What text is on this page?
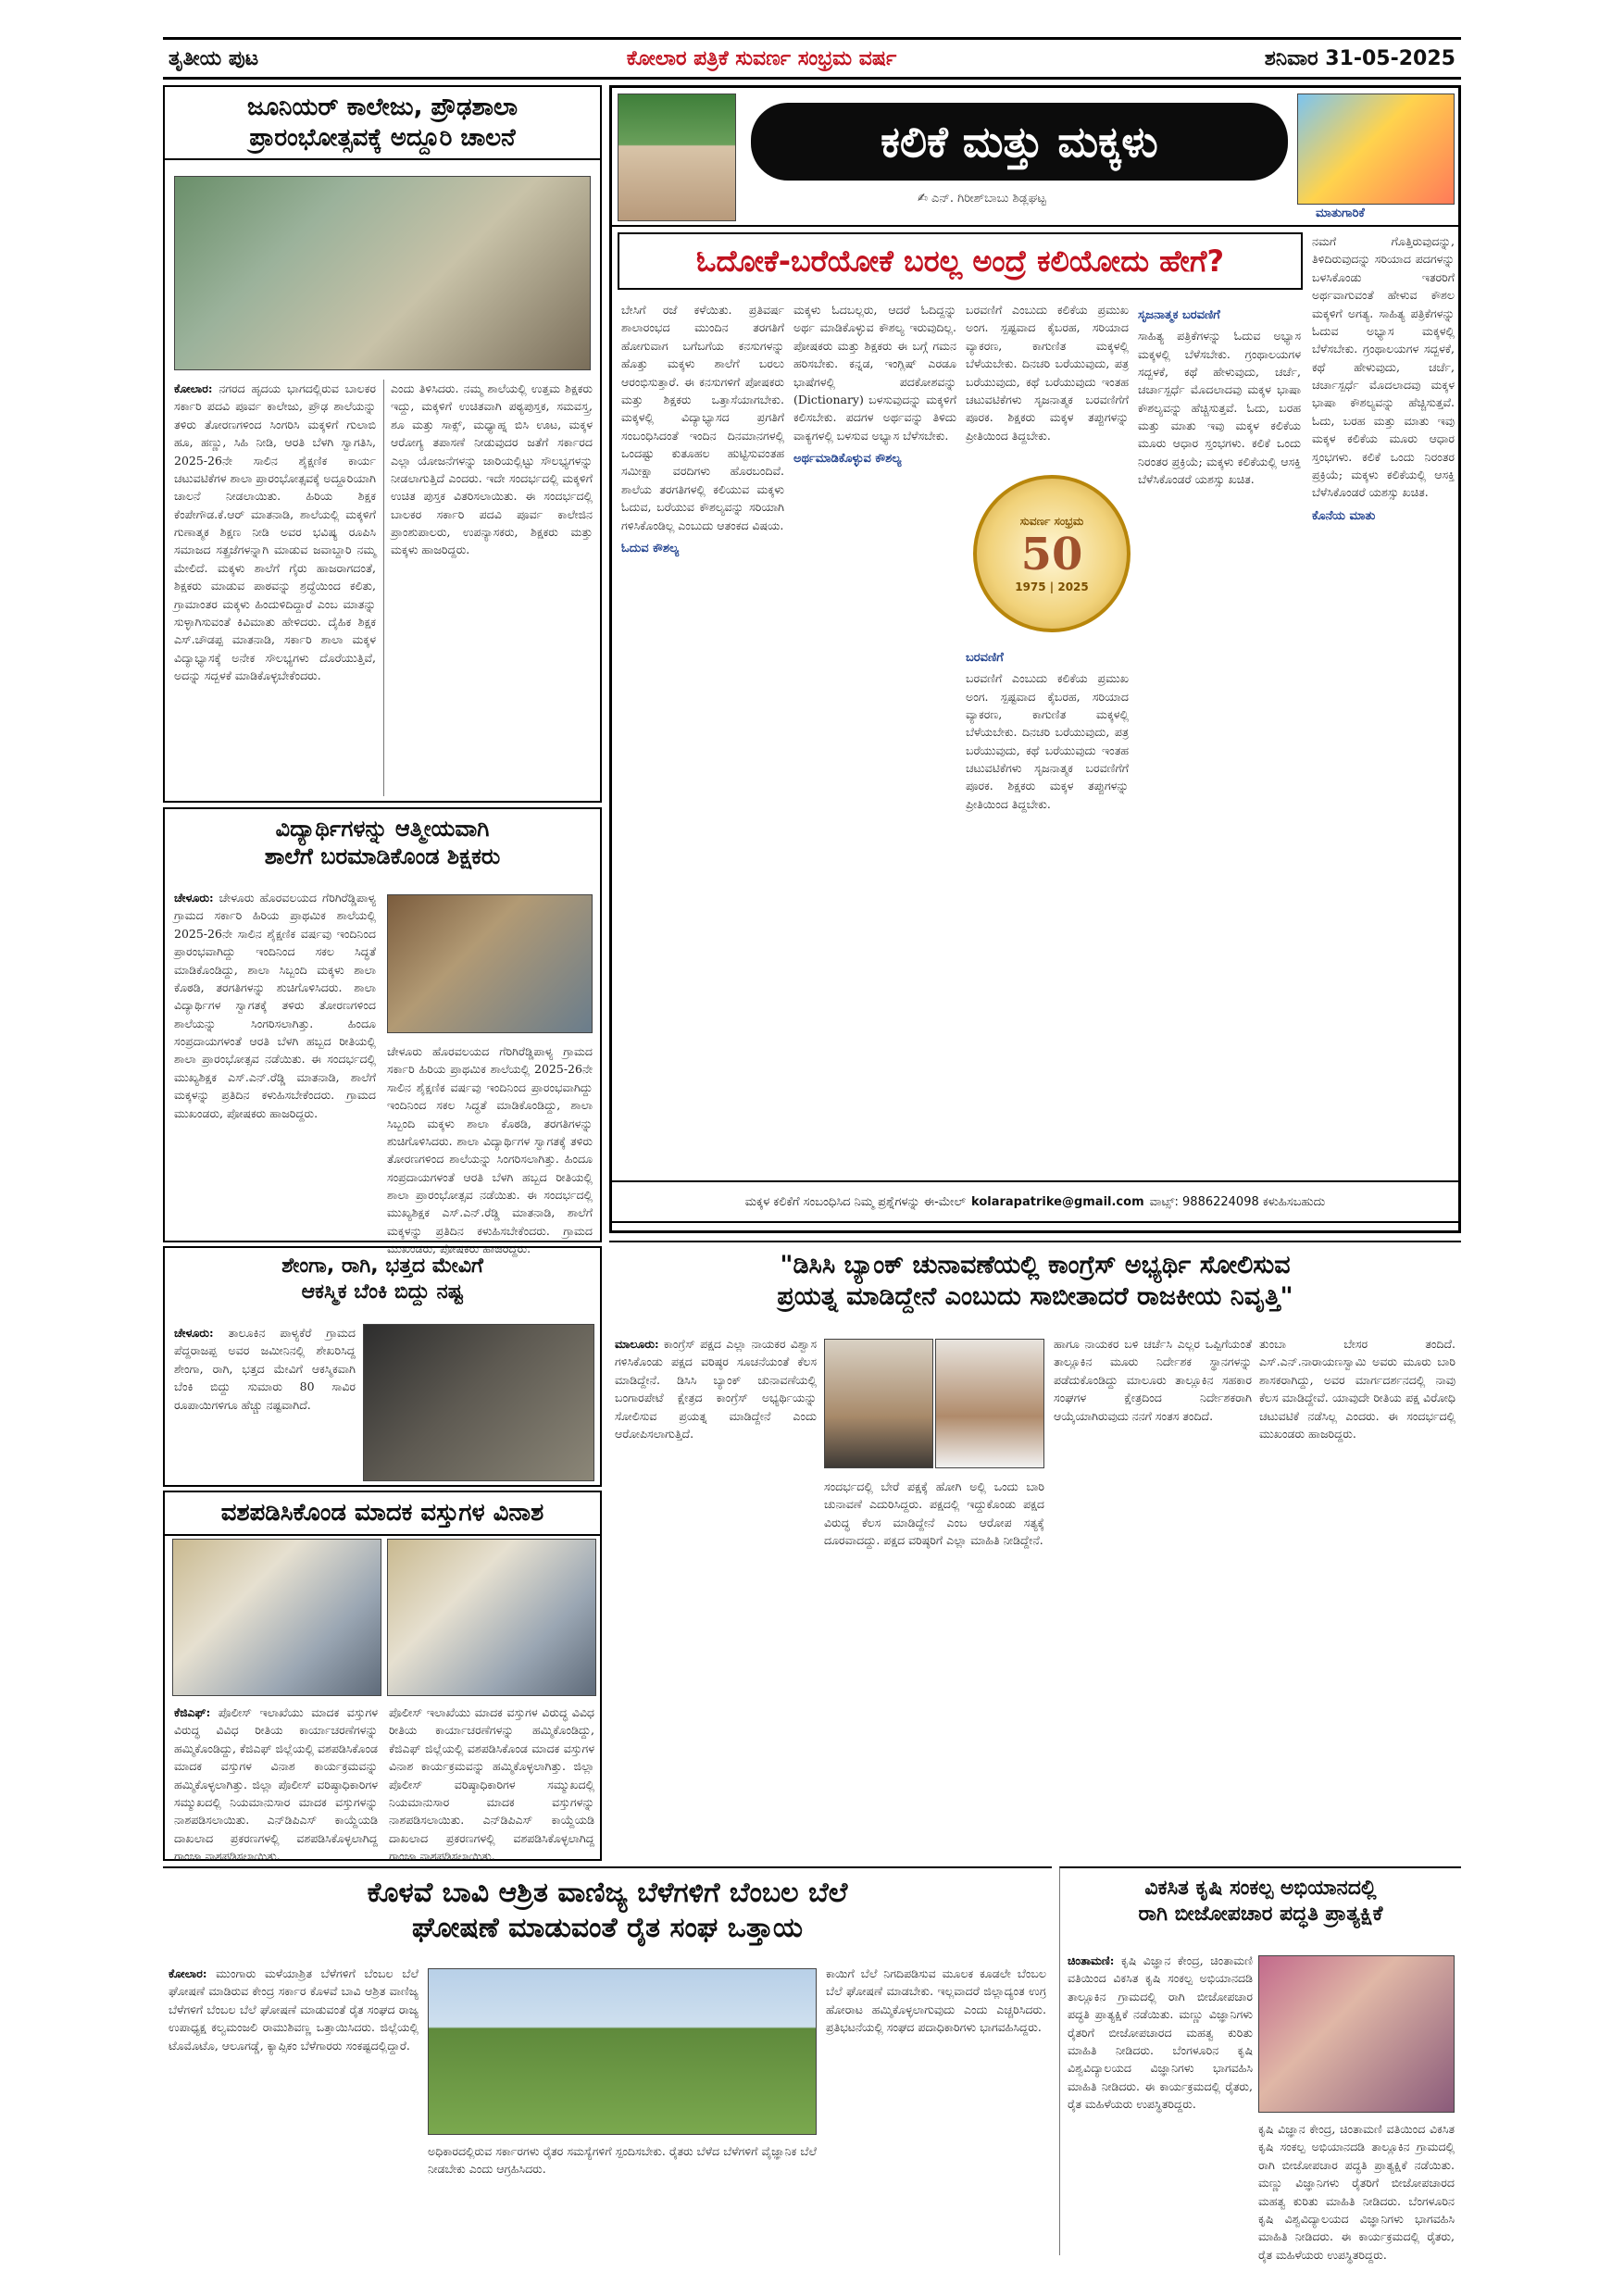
ತೃತೀಯ ಪುಟ	ಕೋಲಾರ ಪತ್ರಿಕೆ ಸುವರ್ಣ ಸಂಭ್ರಮ ವರ್ಷ	ಶನಿವಾರ 31-05-2025
ಜೂನಿಯರ್ ಕಾಲೇಜು, ಪ್ರೌಢಶಾಲಾ
ಪ್ರಾರಂಭೋತ್ಸವಕ್ಕೆ ಅದ್ದೂರಿ ಚಾಲನೆ
ಕೋಲಾರ: ನಗರದ ಹೃದಯ ಭಾಗದಲ್ಲಿರುವ ಬಾಲಕರ ಸರ್ಕಾರಿ ಪದವಿ ಪೂರ್ವ ಕಾಲೇಜು, ಪ್ರೌಢ ಶಾಲೆಯನ್ನು ತಳಿರು ತೋರಣಗಳಿಂದ ಸಿಂಗರಿಸಿ ಮಕ್ಕಳಿಗೆ ಗುಲಾಬಿ ಹೂ, ಹಣ್ಣು, ಸಿಹಿ ನೀಡಿ, ಆರತಿ ಬೆಳಗಿ ಸ್ವಾಗತಿಸಿ, 2025-26ನೇ ಸಾಲಿನ ಶೈಕ್ಷಣಿಕ ಕಾರ್ಯ ಚಟುವಟಿಕೆಗಳ ಶಾಲಾ ಪ್ರಾರಂಭೋತ್ಸವಕ್ಕೆ ಅದ್ದೂರಿಯಾಗಿ ಚಾಲನೆ ನೀಡಲಾಯಿತು. ಹಿರಿಯ ಶಿಕ್ಷಕ ಕೆಂಪೇಗೌಡ.ಕೆ.ಆರ್ ಮಾತನಾಡಿ, ಶಾಲೆಯಲ್ಲಿ ಮಕ್ಕಳಿಗೆ ಗುಣಾತ್ಮಕ ಶಿಕ್ಷಣ ನೀಡಿ ಅವರ ಭವಿಷ್ಯ ರೂಪಿಸಿ ಸಮಾಜದ ಸತ್ಪ್ರಜೆಗಳನ್ನಾಗಿ ಮಾಡುವ ಜವಾಬ್ದಾರಿ ನಮ್ಮ ಮೇಲಿದೆ. ಮಕ್ಕಳು ಶಾಲೆಗೆ ಗೈರು ಹಾಜರಾಗದಂತೆ, ಶಿಕ್ಷಕರು ಮಾಡುವ ಪಾಠವನ್ನು ಶ್ರದ್ಧೆಯಿಂದ ಕಲಿತು, ಗ್ರಾಮಾಂತರ ಮಕ್ಕಳು ಹಿಂದುಳಿದಿದ್ದಾರೆ ಎಂಬ ಮಾತನ್ನು ಸುಳ್ಳಾಗಿಸುವಂತೆ ಕಿವಿಮಾತು ಹೇಳಿದರು. ದೈಹಿಕ ಶಿಕ್ಷಕ ಎಸ್.ಚೌಡಪ್ಪ ಮಾತನಾಡಿ, ಸರ್ಕಾರಿ ಶಾಲಾ ಮಕ್ಕಳ ವಿದ್ಯಾಭ್ಯಾಸಕ್ಕೆ ಅನೇಕ ಸೌಲಭ್ಯಗಳು ದೊರೆಯುತ್ತಿವೆ, ಅದನ್ನು ಸದ್ಬಳಕೆ ಮಾಡಿಕೊಳ್ಳಬೇಕೆಂದರು.
ಎಂದು ತಿಳಿಸಿದರು. ನಮ್ಮ ಶಾಲೆಯಲ್ಲಿ ಉತ್ತಮ ಶಿಕ್ಷಕರು ಇದ್ದು, ಮಕ್ಕಳಿಗೆ ಉಚಿತವಾಗಿ ಪಠ್ಯಪುಸ್ತಕ, ಸಮವಸ್ತ್ರ, ಶೂ ಮತ್ತು ಸಾಕ್ಸ್, ಮಧ್ಯಾಹ್ನ ಬಿಸಿ ಊಟ, ಮಕ್ಕಳ ಆರೋಗ್ಯ ತಪಾಸಣೆ ನೀಡುವುದರ ಜತೆಗೆ ಸರ್ಕಾರದ ಎಲ್ಲಾ ಯೋಜನೆಗಳನ್ನು ಜಾರಿಯಲ್ಲಿಟ್ಟು ಸೌಲಭ್ಯಗಳನ್ನು ನೀಡಲಾಗುತ್ತಿದೆ ಎಂದರು. ಇದೇ ಸಂದರ್ಭದಲ್ಲಿ ಮಕ್ಕಳಿಗೆ ಉಚಿತ ಪುಸ್ತಕ ವಿತರಿಸಲಾಯಿತು. ಈ ಸಂದರ್ಭದಲ್ಲಿ ಬಾಲಕರ ಸರ್ಕಾರಿ ಪದವಿ ಪೂರ್ವ ಕಾಲೇಜಿನ ಪ್ರಾಂಶುಪಾಲರು, ಉಪನ್ಯಾಸಕರು, ಶಿಕ್ಷಕರು ಮತ್ತು ಮಕ್ಕಳು ಹಾಜರಿದ್ದರು.
ಕಲಿಕೆ ಮತ್ತು ಮಕ್ಕಳು
✍ ಎನ್. ಗಿರೀಶ್‌ಬಾಬು ಶಿಡ್ಲಘಟ್ಟ
ಮಾತುಗಾರಿಕೆ
ಓದೋಕೆ-ಬರೆಯೋಕೆ ಬರಲ್ಲ ಅಂದ್ರೆ ಕಲಿಯೋದು ಹೇಗೆ?
ನಮಗೆ ಗೊತ್ತಿರುವುದನ್ನು, ತಿಳಿದಿರುವುದನ್ನು ಸರಿಯಾದ ಪದಗಳನ್ನು ಬಳಸಿಕೊಂಡು ಇತರರಿಗೆ ಅರ್ಥವಾಗುವಂತೆ ಹೇಳುವ ಕೌಶಲ ಮಕ್ಕಳಿಗೆ ಅಗತ್ಯ. ಸಾಹಿತ್ಯ ಪತ್ರಿಕೆಗಳನ್ನು ಓದುವ ಅಭ್ಯಾಸ ಮಕ್ಕಳಲ್ಲಿ ಬೆಳೆಸಬೇಕು. ಗ್ರಂಥಾಲಯಗಳ ಸದ್ಬಳಕೆ, ಕಥೆ ಹೇಳುವುದು, ಚರ್ಚೆ, ಚರ್ಚಾಸ್ಪರ್ಧೆ ಮೊದಲಾದವು ಮಕ್ಕಳ ಭಾಷಾ ಕೌಶಲ್ಯವನ್ನು ಹೆಚ್ಚಿಸುತ್ತವೆ. ಓದು, ಬರಹ ಮತ್ತು ಮಾತು ಇವು ಮಕ್ಕಳ ಕಲಿಕೆಯ ಮೂರು ಆಧಾರ ಸ್ತಂಭಗಳು. ಕಲಿಕೆ ಒಂದು ನಿರಂತರ ಪ್ರಕ್ರಿಯೆ; ಮಕ್ಕಳು ಕಲಿಕೆಯಲ್ಲಿ ಆಸಕ್ತಿ ಬೆಳೆಸಿಕೊಂಡರೆ ಯಶಸ್ಸು ಖಚಿತ.
ಕೊನೆಯ ಮಾತು
ಬೇಸಿಗೆ ರಜೆ ಕಳೆಯಿತು. ಪ್ರತಿವರ್ಷ ಶಾಲಾರಂಭದ ಮುಂದಿನ ತರಗತಿಗೆ ಹೋಗುವಾಗ ಬಗೆಬಗೆಯ ಕನಸುಗಳನ್ನು ಹೊತ್ತು ಮಕ್ಕಳು ಶಾಲೆಗೆ ಬರಲು ಆರಂಭಿಸುತ್ತಾರೆ. ಈ ಕನಸುಗಳಿಗೆ ಪೋಷಕರು ಮತ್ತು ಶಿಕ್ಷಕರು ಒತ್ತಾಸೆಯಾಗಬೇಕು. ಮಕ್ಕಳಲ್ಲಿ ವಿದ್ಯಾಭ್ಯಾಸದ ಪ್ರಗತಿಗೆ ಸಂಬಂಧಿಸಿದಂತೆ ಇಂದಿನ ದಿನಮಾನಗಳಲ್ಲಿ ಒಂದಷ್ಟು ಕುತೂಹಲ ಹುಟ್ಟಿಸುವಂತಹ ಸಮೀಕ್ಷಾ ವರದಿಗಳು ಹೊರಬಂದಿವೆ. ಶಾಲೆಯ ತರಗತಿಗಳಲ್ಲಿ ಕಲಿಯುವ ಮಕ್ಕಳು ಓದುವ, ಬರೆಯುವ ಕೌಶಲ್ಯವನ್ನು ಸರಿಯಾಗಿ ಗಳಿಸಿಕೊಂಡಿಲ್ಲ ಎಂಬುದು ಆತಂಕದ ವಿಷಯ.
ಓದುವ ಕೌಶಲ್ಯ
ಮಕ್ಕಳು ಓದಬಲ್ಲರು, ಆದರೆ ಓದಿದ್ದನ್ನು ಅರ್ಥ ಮಾಡಿಕೊಳ್ಳುವ ಕೌಶಲ್ಯ ಇರುವುದಿಲ್ಲ. ಪೋಷಕರು ಮತ್ತು ಶಿಕ್ಷಕರು ಈ ಬಗ್ಗೆ ಗಮನ ಹರಿಸಬೇಕು. ಕನ್ನಡ, ಇಂಗ್ಲಿಷ್ ಎರಡೂ ಭಾಷೆಗಳಲ್ಲಿ ಪದಕೋಶವನ್ನು (Dictionary) ಬಳಸುವುದನ್ನು ಮಕ್ಕಳಿಗೆ ಕಲಿಸಬೇಕು. ಪದಗಳ ಅರ್ಥವನ್ನು ತಿಳಿದು ವಾಕ್ಯಗಳಲ್ಲಿ ಬಳಸುವ ಅಭ್ಯಾಸ ಬೆಳೆಸಬೇಕು.
ಅರ್ಥಮಾಡಿಕೊಳ್ಳುವ ಕೌಶಲ್ಯ
ಬರವಣಿಗೆ ಎಂಬುದು ಕಲಿಕೆಯ ಪ್ರಮುಖ ಅಂಗ. ಸ್ಪಷ್ಟವಾದ ಕೈಬರಹ, ಸರಿಯಾದ ವ್ಯಾಕರಣ, ಕಾಗುಣಿತ ಮಕ್ಕಳಲ್ಲಿ ಬೆಳೆಯಬೇಕು. ದಿನಚರಿ ಬರೆಯುವುದು, ಪತ್ರ ಬರೆಯುವುದು, ಕಥೆ ಬರೆಯುವುದು ಇಂತಹ ಚಟುವಟಿಕೆಗಳು ಸೃಜನಾತ್ಮಕ ಬರವಣಿಗೆಗೆ ಪೂರಕ. ಶಿಕ್ಷಕರು ಮಕ್ಕಳ ತಪ್ಪುಗಳನ್ನು ಪ್ರೀತಿಯಿಂದ ತಿದ್ದಬೇಕು.
ಸುವರ್ಣ ಸಂಭ್ರಮ
50
1975 | 2025
ಬರವಣಿಗೆ
ಬರವಣಿಗೆ ಎಂಬುದು ಕಲಿಕೆಯ ಪ್ರಮುಖ ಅಂಗ. ಸ್ಪಷ್ಟವಾದ ಕೈಬರಹ, ಸರಿಯಾದ ವ್ಯಾಕರಣ, ಕಾಗುಣಿತ ಮಕ್ಕಳಲ್ಲಿ ಬೆಳೆಯಬೇಕು. ದಿನಚರಿ ಬರೆಯುವುದು, ಪತ್ರ ಬರೆಯುವುದು, ಕಥೆ ಬರೆಯುವುದು ಇಂತಹ ಚಟುವಟಿಕೆಗಳು ಸೃಜನಾತ್ಮಕ ಬರವಣಿಗೆಗೆ ಪೂರಕ. ಶಿಕ್ಷಕರು ಮಕ್ಕಳ ತಪ್ಪುಗಳನ್ನು ಪ್ರೀತಿಯಿಂದ ತಿದ್ದಬೇಕು.
ಸೃಜನಾತ್ಮಕ ಬರವಣಿಗೆ
ಸಾಹಿತ್ಯ ಪತ್ರಿಕೆಗಳನ್ನು ಓದುವ ಅಭ್ಯಾಸ ಮಕ್ಕಳಲ್ಲಿ ಬೆಳೆಸಬೇಕು. ಗ್ರಂಥಾಲಯಗಳ ಸದ್ಬಳಕೆ, ಕಥೆ ಹೇಳುವುದು, ಚರ್ಚೆ, ಚರ್ಚಾಸ್ಪರ್ಧೆ ಮೊದಲಾದವು ಮಕ್ಕಳ ಭಾಷಾ ಕೌಶಲ್ಯವನ್ನು ಹೆಚ್ಚಿಸುತ್ತವೆ. ಓದು, ಬರಹ ಮತ್ತು ಮಾತು ಇವು ಮಕ್ಕಳ ಕಲಿಕೆಯ ಮೂರು ಆಧಾರ ಸ್ತಂಭಗಳು. ಕಲಿಕೆ ಒಂದು ನಿರಂತರ ಪ್ರಕ್ರಿಯೆ; ಮಕ್ಕಳು ಕಲಿಕೆಯಲ್ಲಿ ಆಸಕ್ತಿ ಬೆಳೆಸಿಕೊಂಡರೆ ಯಶಸ್ಸು ಖಚಿತ.
ಮಕ್ಕಳ ಕಲಿಕೆಗೆ ಸಂಬಂಧಿಸಿದ ನಿಮ್ಮ ಪ್ರಶ್ನೆಗಳನ್ನು ಈ-ಮೇಲ್ kolarapatrike@gmail.com ವಾಟ್ಸ್: 9886224098 ಕಳುಹಿಸಬಹುದು
ವಿದ್ಯಾರ್ಥಿಗಳನ್ನು ಆತ್ಮೀಯವಾಗಿ
ಶಾಲೆಗೆ ಬರಮಾಡಿಕೊಂಡ ಶಿಕ್ಷಕರು
ಚೇಳೂರು: ಚೇಳೂರು ಹೊರವಲಯದ ಗೆರಿಗಿರೆಡ್ಡಿಪಾಳ್ಯ ಗ್ರಾಮದ ಸರ್ಕಾರಿ ಹಿರಿಯ ಪ್ರಾಥಮಿಕ ಶಾಲೆಯಲ್ಲಿ 2025-26ನೇ ಸಾಲಿನ ಶೈಕ್ಷಣಿಕ ವರ್ಷವು ಇಂದಿನಿಂದ ಪ್ರಾರಂಭವಾಗಿದ್ದು ಇಂದಿನಿಂದ ಸಕಲ ಸಿದ್ಧತೆ ಮಾಡಿಕೊಂಡಿದ್ದು, ಶಾಲಾ ಸಿಬ್ಬಂದಿ ಮಕ್ಕಳು ಶಾಲಾ ಕೊಠಡಿ, ತರಗತಿಗಳನ್ನು ಶುಚಿಗೊಳಿಸಿದರು. ಶಾಲಾ ವಿದ್ಯಾರ್ಥಿಗಳ ಸ್ವಾಗತಕ್ಕೆ ತಳಿರು ತೋರಣಗಳಿಂದ ಶಾಲೆಯನ್ನು ಸಿಂಗರಿಸಲಾಗಿತ್ತು. ಹಿಂದೂ ಸಂಪ್ರದಾಯಗಳಂತೆ ಆರತಿ ಬೆಳಗಿ ಹಬ್ಬದ ರೀತಿಯಲ್ಲಿ ಶಾಲಾ ಪ್ರಾರಂಭೋತ್ಸವ ನಡೆಯಿತು. ಈ ಸಂದರ್ಭದಲ್ಲಿ ಮುಖ್ಯಶಿಕ್ಷಕ ಎಸ್.ಎನ್.ರೆಡ್ಡಿ ಮಾತನಾಡಿ, ಶಾಲೆಗೆ ಮಕ್ಕಳನ್ನು ಪ್ರತಿದಿನ ಕಳುಹಿಸಬೇಕೆಂದರು. ಗ್ರಾಮದ ಮುಖಂಡರು, ಪೋಷಕರು ಹಾಜರಿದ್ದರು.
ಚೇಳೂರು ಹೊರವಲಯದ ಗೆರಿಗಿರೆಡ್ಡಿಪಾಳ್ಯ ಗ್ರಾಮದ ಸರ್ಕಾರಿ ಹಿರಿಯ ಪ್ರಾಥಮಿಕ ಶಾಲೆಯಲ್ಲಿ 2025-26ನೇ ಸಾಲಿನ ಶೈಕ್ಷಣಿಕ ವರ್ಷವು ಇಂದಿನಿಂದ ಪ್ರಾರಂಭವಾಗಿದ್ದು ಇಂದಿನಿಂದ ಸಕಲ ಸಿದ್ಧತೆ ಮಾಡಿಕೊಂಡಿದ್ದು, ಶಾಲಾ ಸಿಬ್ಬಂದಿ ಮಕ್ಕಳು ಶಾಲಾ ಕೊಠಡಿ, ತರಗತಿಗಳನ್ನು ಶುಚಿಗೊಳಿಸಿದರು. ಶಾಲಾ ವಿದ್ಯಾರ್ಥಿಗಳ ಸ್ವಾಗತಕ್ಕೆ ತಳಿರು ತೋರಣಗಳಿಂದ ಶಾಲೆಯನ್ನು ಸಿಂಗರಿಸಲಾಗಿತ್ತು. ಹಿಂದೂ ಸಂಪ್ರದಾಯಗಳಂತೆ ಆರತಿ ಬೆಳಗಿ ಹಬ್ಬದ ರೀತಿಯಲ್ಲಿ ಶಾಲಾ ಪ್ರಾರಂಭೋತ್ಸವ ನಡೆಯಿತು. ಈ ಸಂದರ್ಭದಲ್ಲಿ ಮುಖ್ಯಶಿಕ್ಷಕ ಎಸ್.ಎನ್.ರೆಡ್ಡಿ ಮಾತನಾಡಿ, ಶಾಲೆಗೆ ಮಕ್ಕಳನ್ನು ಪ್ರತಿದಿನ ಕಳುಹಿಸಬೇಕೆಂದರು. ಗ್ರಾಮದ ಮುಖಂಡರು, ಪೋಷಕರು ಹಾಜರಿದ್ದರು.
ಶೇಂಗಾ, ರಾಗಿ, ಭತ್ತದ ಮೇವಿಗೆ
ಆಕಸ್ಮಿಕ ಬೆಂಕಿ ಬಿದ್ದು ನಷ್ಟ
ಚೇಳೂರು: ತಾಲೂಕಿನ ಪಾಳ್ಯಕೆರೆ ಗ್ರಾಮದ ಪೆದ್ದರಾಜಪ್ಪ ಅವರ ಜಮೀನಿನಲ್ಲಿ ಶೇಖರಿಸಿದ್ದ ಶೇಂಗಾ, ರಾಗಿ, ಭತ್ತದ ಮೇವಿಗೆ ಆಕಸ್ಮಿಕವಾಗಿ ಬೆಂಕಿ ಬಿದ್ದು ಸುಮಾರು 80 ಸಾವಿರ ರೂಪಾಯಿಗಳಿಗೂ ಹೆಚ್ಚು ನಷ್ಟವಾಗಿದೆ.
ವಶಪಡಿಸಿಕೊಂಡ ಮಾದಕ ವಸ್ತುಗಳ ವಿನಾಶ
ಕೆಜಿಎಫ್: ಪೊಲೀಸ್ ಇಲಾಖೆಯು ಮಾದಕ ವಸ್ತುಗಳ ವಿರುದ್ಧ ವಿವಿಧ ರೀತಿಯ ಕಾರ್ಯಾಚರಣೆಗಳನ್ನು ಹಮ್ಮಿಕೊಂಡಿದ್ದು, ಕೆಜಿಎಫ್ ಜಿಲ್ಲೆಯಲ್ಲಿ ವಶಪಡಿಸಿಕೊಂಡ ಮಾದಕ ವಸ್ತುಗಳ ವಿನಾಶ ಕಾರ್ಯಕ್ರಮವನ್ನು ಹಮ್ಮಿಕೊಳ್ಳಲಾಗಿತ್ತು. ಜಿಲ್ಲಾ ಪೊಲೀಸ್ ವರಿಷ್ಠಾಧಿಕಾರಿಗಳ ಸಮ್ಮುಖದಲ್ಲಿ ನಿಯಮಾನುಸಾರ ಮಾದಕ ವಸ್ತುಗಳನ್ನು ನಾಶಪಡಿಸಲಾಯಿತು. ಎನ್‌ಡಿಪಿಎಸ್ ಕಾಯ್ದೆಯಡಿ ದಾಖಲಾದ ಪ್ರಕರಣಗಳಲ್ಲಿ ವಶಪಡಿಸಿಕೊಳ್ಳಲಾಗಿದ್ದ ಗಾಂಜಾ ನಾಶಪಡಿಸಲಾಯಿತು.
ಪೊಲೀಸ್ ಇಲಾಖೆಯು ಮಾದಕ ವಸ್ತುಗಳ ವಿರುದ್ಧ ವಿವಿಧ ರೀತಿಯ ಕಾರ್ಯಾಚರಣೆಗಳನ್ನು ಹಮ್ಮಿಕೊಂಡಿದ್ದು, ಕೆಜಿಎಫ್ ಜಿಲ್ಲೆಯಲ್ಲಿ ವಶಪಡಿಸಿಕೊಂಡ ಮಾದಕ ವಸ್ತುಗಳ ವಿನಾಶ ಕಾರ್ಯಕ್ರಮವನ್ನು ಹಮ್ಮಿಕೊಳ್ಳಲಾಗಿತ್ತು. ಜಿಲ್ಲಾ ಪೊಲೀಸ್ ವರಿಷ್ಠಾಧಿಕಾರಿಗಳ ಸಮ್ಮುಖದಲ್ಲಿ ನಿಯಮಾನುಸಾರ ಮಾದಕ ವಸ್ತುಗಳನ್ನು ನಾಶಪಡಿಸಲಾಯಿತು. ಎನ್‌ಡಿಪಿಎಸ್ ಕಾಯ್ದೆಯಡಿ ದಾಖಲಾದ ಪ್ರಕರಣಗಳಲ್ಲಿ ವಶಪಡಿಸಿಕೊಳ್ಳಲಾಗಿದ್ದ ಗಾಂಜಾ ನಾಶಪಡಿಸಲಾಯಿತು.
"ಡಿಸಿಸಿ ಬ್ಯಾಂಕ್ ಚುನಾವಣೆಯಲ್ಲಿ ಕಾಂಗ್ರೆಸ್ ಅಭ್ಯರ್ಥಿ ಸೋಲಿಸುವ
ಪ್ರಯತ್ನ ಮಾಡಿದ್ದೇನೆ ಎಂಬುದು ಸಾಬೀತಾದರೆ ರಾಜಕೀಯ ನಿವೃತ್ತಿ"
ಮಾಲೂರು: ಕಾಂಗ್ರೆಸ್ ಪಕ್ಷದ ಎಲ್ಲಾ ನಾಯಕರ ವಿಶ್ವಾಸ ಗಳಿಸಿಕೊಂಡು ಪಕ್ಷದ ವರಿಷ್ಠರ ಸೂಚನೆಯಂತೆ ಕೆಲಸ ಮಾಡಿದ್ದೇನೆ. ಡಿಸಿಸಿ ಬ್ಯಾಂಕ್ ಚುನಾವಣೆಯಲ್ಲಿ ಬಂಗಾರಪೇಟೆ ಕ್ಷೇತ್ರದ ಕಾಂಗ್ರೆಸ್ ಅಭ್ಯರ್ಥಿಯನ್ನು ಸೋಲಿಸುವ ಪ್ರಯತ್ನ ಮಾಡಿದ್ದೇನೆ ಎಂದು ಆರೋಪಿಸಲಾಗುತ್ತಿದೆ.
ಸಂದರ್ಭದಲ್ಲಿ ಬೇರೆ ಪಕ್ಷಕ್ಕೆ ಹೋಗಿ ಅಲ್ಲಿ ಒಂದು ಬಾರಿ ಚುನಾವಣೆ ಎದುರಿಸಿದ್ದರು. ಪಕ್ಷದಲ್ಲಿ ಇದ್ದುಕೊಂಡು ಪಕ್ಷದ ವಿರುದ್ಧ ಕೆಲಸ ಮಾಡಿದ್ದೇನೆ ಎಂಬ ಆರೋಪ ಸತ್ಯಕ್ಕೆ ದೂರವಾದದ್ದು. ಪಕ್ಷದ ವರಿಷ್ಠರಿಗೆ ಎಲ್ಲಾ ಮಾಹಿತಿ ನೀಡಿದ್ದೇನೆ.
ಹಾಗೂ ನಾಯಕರ ಬಳಿ ಚರ್ಚೆಸಿ ಎಲ್ಲರ ಒಪ್ಪಿಗೆಯಂತೆ ತಾಲ್ಲೂಕಿನ ಮೂರು ನಿರ್ದೇಶಕ ಸ್ಥಾನಗಳನ್ನು ಪಡೆದುಕೊಂಡಿದ್ದು ಮಾಲೂರು ತಾಲ್ಲೂಕಿನ ಸಹಕಾರ ಸಂಘಗಳ ಕ್ಷೇತ್ರದಿಂದ ನಿರ್ದೇಶಕರಾಗಿ ಆಯ್ಕೆಯಾಗಿರುವುದು ನನಗೆ ಸಂತಸ ತಂದಿದೆ.
ತುಂಬಾ ಬೇಸರ ತಂದಿದೆ. ಎಸ್.ಎನ್.ನಾರಾಯಣಸ್ವಾಮಿ ಅವರು ಮೂರು ಬಾರಿ ಶಾಸಕರಾಗಿದ್ದು, ಅವರ ಮಾರ್ಗದರ್ಶನದಲ್ಲಿ ನಾವು ಕೆಲಸ ಮಾಡಿದ್ದೇವೆ. ಯಾವುದೇ ರೀತಿಯ ಪಕ್ಷ ವಿರೋಧಿ ಚಟುವಟಿಕೆ ನಡೆಸಿಲ್ಲ ಎಂದರು. ಈ ಸಂದರ್ಭದಲ್ಲಿ ಮುಖಂಡರು ಹಾಜರಿದ್ದರು.
ಕೊಳವೆ ಬಾವಿ ಆಶ್ರಿತ ವಾಣಿಜ್ಯ ಬೆಳೆಗಳಿಗೆ ಬೆಂಬಲ ಬೆಲೆ
ಘೋಷಣೆ ಮಾಡುವಂತೆ ರೈತ ಸಂಘ ಒತ್ತಾಯ
ಕೋಲಾರ: ಮುಂಗಾರು ಮಳೆಯಾಶ್ರಿತ ಬೆಳೆಗಳಿಗೆ ಬೆಂಬಲ ಬೆಲೆ ಘೋಷಣೆ ಮಾಡಿರುವ ಕೇಂದ್ರ ಸರ್ಕಾರ ಕೊಳವೆ ಬಾವಿ ಆಶ್ರಿತ ವಾಣಿಜ್ಯ ಬೆಳೆಗಳಿಗೆ ಬೆಂಬಲ ಬೆಲೆ ಘೋಷಣೆ ಮಾಡುವಂತೆ ರೈತ ಸಂಘದ ರಾಜ್ಯ ಉಪಾಧ್ಯಕ್ಷ ಕಲ್ವಮಂಜಲಿ ರಾಮುಶಿವಣ್ಣ ಒತ್ತಾಯಿಸಿದರು. ಜಿಲ್ಲೆಯಲ್ಲಿ ಟೊಮೊಟೊ, ಆಲೂಗಡ್ಡೆ, ಕ್ಯಾಪ್ಸಿಕಂ ಬೆಳೆಗಾರರು ಸಂಕಷ್ಟದಲ್ಲಿದ್ದಾರೆ.
ಅಧಿಕಾರದಲ್ಲಿರುವ ಸರ್ಕಾರಗಳು ರೈತರ ಸಮಸ್ಯೆಗಳಿಗೆ ಸ್ಪಂದಿಸಬೇಕು. ರೈತರು ಬೆಳೆದ ಬೆಳೆಗಳಿಗೆ ವೈಜ್ಞಾನಿಕ ಬೆಲೆ ನೀಡಬೇಕು ಎಂದು ಆಗ್ರಹಿಸಿದರು.
ಕಾಯಿಗೆ ಬೆಲೆ ನಿಗದಿಪಡಿಸುವ ಮೂಲಕ ಕೂಡಲೇ ಬೆಂಬಲ ಬೆಲೆ ಘೋಷಣೆ ಮಾಡಬೇಕು. ಇಲ್ಲವಾದರೆ ಜಿಲ್ಲಾದ್ಯಂತ ಉಗ್ರ ಹೋರಾಟ ಹಮ್ಮಿಕೊಳ್ಳಲಾಗುವುದು ಎಂದು ಎಚ್ಚರಿಸಿದರು. ಪ್ರತಿಭಟನೆಯಲ್ಲಿ ಸಂಘದ ಪದಾಧಿಕಾರಿಗಳು ಭಾಗವಹಿಸಿದ್ದರು.
ವಿಕಸಿತ ಕೃಷಿ ಸಂಕಲ್ಪ ಅಭಿಯಾನದಲ್ಲಿ
ರಾಗಿ ಬೀಜೋಪಚಾರ ಪದ್ಧತಿ ಪ್ರಾತ್ಯಕ್ಷಿಕೆ
ಚಿಂತಾಮಣಿ: ಕೃಷಿ ವಿಜ್ಞಾನ ಕೇಂದ್ರ, ಚಿಂತಾಮಣಿ ವತಿಯಿಂದ ವಿಕಸಿತ ಕೃಷಿ ಸಂಕಲ್ಪ ಅಭಿಯಾನದಡಿ ತಾಲ್ಲೂಕಿನ ಗ್ರಾಮದಲ್ಲಿ ರಾಗಿ ಬೀಜೋಪಚಾರ ಪದ್ಧತಿ ಪ್ರಾತ್ಯಕ್ಷಿಕೆ ನಡೆಯಿತು. ಮಣ್ಣು ವಿಜ್ಞಾನಿಗಳು ರೈತರಿಗೆ ಬೀಜೋಪಚಾರದ ಮಹತ್ವ ಕುರಿತು ಮಾಹಿತಿ ನೀಡಿದರು. ಬೆಂಗಳೂರಿನ ಕೃಷಿ ವಿಶ್ವವಿದ್ಯಾಲಯದ ವಿಜ್ಞಾನಿಗಳು ಭಾಗವಹಿಸಿ ಮಾಹಿತಿ ನೀಡಿದರು. ಈ ಕಾರ್ಯಕ್ರಮದಲ್ಲಿ ರೈತರು, ರೈತ ಮಹಿಳೆಯರು ಉಪಸ್ಥಿತರಿದ್ದರು.
ಕೃಷಿ ವಿಜ್ಞಾನ ಕೇಂದ್ರ, ಚಿಂತಾಮಣಿ ವತಿಯಿಂದ ವಿಕಸಿತ ಕೃಷಿ ಸಂಕಲ್ಪ ಅಭಿಯಾನದಡಿ ತಾಲ್ಲೂಕಿನ ಗ್ರಾಮದಲ್ಲಿ ರಾಗಿ ಬೀಜೋಪಚಾರ ಪದ್ಧತಿ ಪ್ರಾತ್ಯಕ್ಷಿಕೆ ನಡೆಯಿತು. ಮಣ್ಣು ವಿಜ್ಞಾನಿಗಳು ರೈತರಿಗೆ ಬೀಜೋಪಚಾರದ ಮಹತ್ವ ಕುರಿತು ಮಾಹಿತಿ ನೀಡಿದರು. ಬೆಂಗಳೂರಿನ ಕೃಷಿ ವಿಶ್ವವಿದ್ಯಾಲಯದ ವಿಜ್ಞಾನಿಗಳು ಭಾಗವಹಿಸಿ ಮಾಹಿತಿ ನೀಡಿದರು. ಈ ಕಾರ್ಯಕ್ರಮದಲ್ಲಿ ರೈತರು, ರೈತ ಮಹಿಳೆಯರು ಉಪಸ್ಥಿತರಿದ್ದರು.
